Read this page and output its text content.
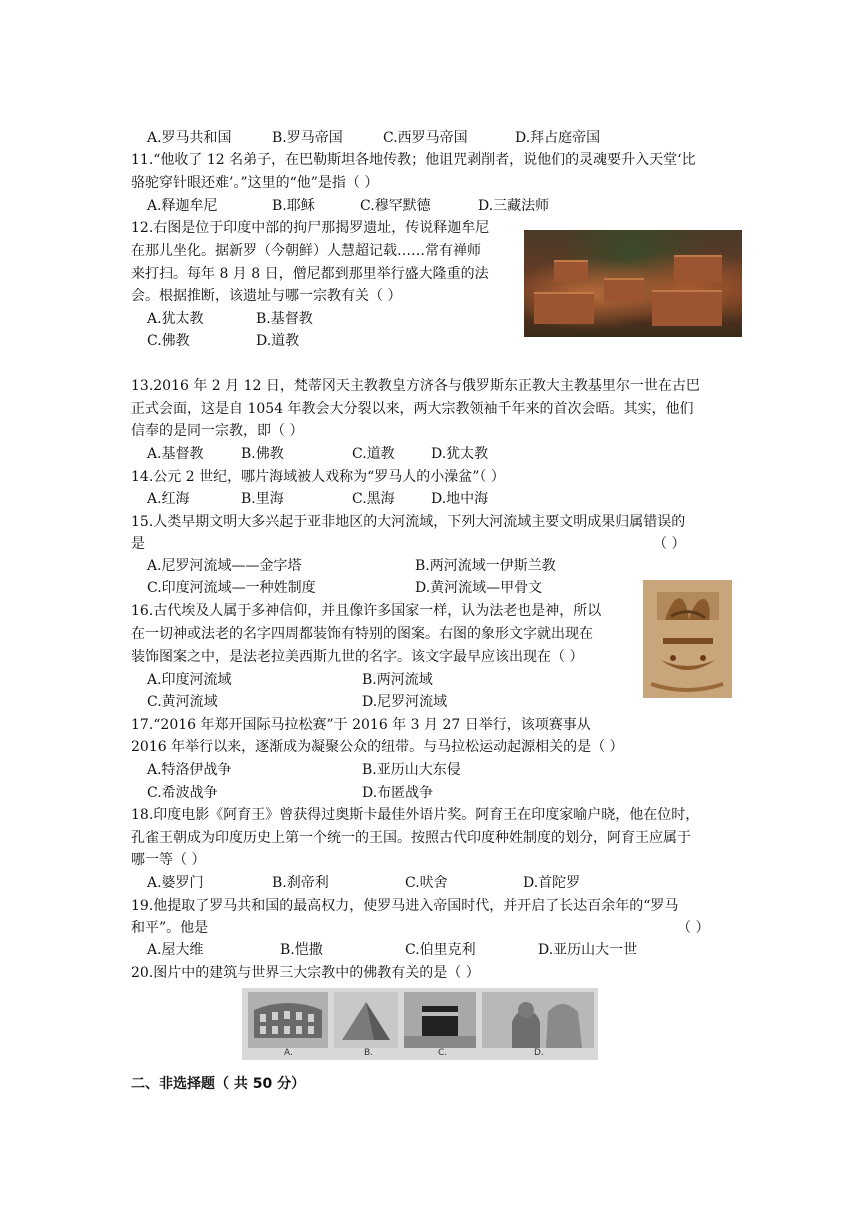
A.罗马共和国	B.罗马帝国	C.西罗马帝国	D.拜占庭帝国
11.“他收了 12 名弟子，在巴勒斯坦各地传教；他诅咒剥削者，说他们的灵魂要升入天堂‘比
骆驼穿针眼还难’。”这里的“他”是指（ ）
A.释迦牟尼	B.耶稣	C.穆罕默德	D.三藏法师
12.右图是位于印度中部的拘尸那揭罗遗址，传说释迦牟尼
在那儿坐化。据新罗（今朝鲜）人慧超记载……常有禅师
来打扫。每年 8 月 8 日，僧尼都到那里举行盛大隆重的法
会。根据推断，该遗址与哪一宗教有关（ ）
A.犹太教	B.基督教
C.佛教	D.道教
13.2016 年 2 月 12 日，梵蒂冈天主教教皇方济各与俄罗斯东正教大主教基里尔一世在古巴
正式会面，这是自 1054 年教会大分裂以来，两大宗教领袖千年来的首次会晤。其实，他们
信奉的是同一宗教，即（ ）
A.基督教	B.佛教	C.道教	D.犹太教
14.公元 2 世纪，哪片海域被人戏称为“罗马人的小澡盆”（ ）
A.红海	B.里海	C.黑海	D.地中海
15.人类早期文明大多兴起于亚非地区的大河流域，下列大河流域主要文明成果归属错误的
是	（ ）
A.尼罗河流域——金字塔	B.两河流域一伊斯兰教
C.印度河流域—一种姓制度	D.黄河流域—甲骨文
16.古代埃及人属于多神信仰，并且像许多国家一样，认为法老也是神，所以
在一切神或法老的名字四周都装饰有特别的图案。右图的象形文字就出现在
装饰图案之中，是法老拉美西斯九世的名字。该文字最早应该出现在（ ）
A.印度河流域	B.两河流域
C.黄河流域	D.尼罗河流域
17.“2016 年郑开国际马拉松赛”于 2016 年 3 月 27 日举行，该项赛事从
2016 年举行以来，逐渐成为凝聚公众的纽带。与马拉松运动起源相关的是（ ）
A.特洛伊战争	B.亚历山大东侵
C.希波战争	D.布匿战争
18.印度电影《阿育王》曾获得过奥斯卡最佳外语片奖。阿育王在印度家喻户晓，他在位时，
孔雀王朝成为印度历史上第一个统一的王国。按照古代印度种姓制度的划分，阿育王应属于
哪一等（ ）
A.婆罗门	B.刹帝利	C.吠舍	D.首陀罗
19.他提取了罗马共和国的最高权力，使罗马进入帝国时代，并开启了长达百余年的“罗马
和平”。他是	（ ）
A.屋大维	B.恺撒	C.伯里克利	D.亚历山大一世
20.图片中的建筑与世界三大宗教中的佛教有关的是（ ）
A.	B.	C.	D.
二、非选择题（ 共 50 分）
